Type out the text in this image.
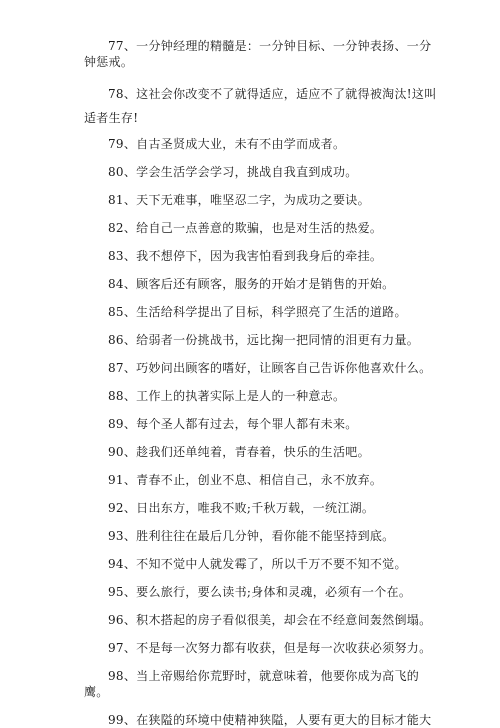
77、一分钟经理的精髓是：一分钟目标、一分钟表扬、一分钟惩戒。

78、这社会你改变不了就得适应，适应不了就得被淘汰!这叫适者生存!

79、自古圣贤成大业，未有不由学而成者。

80、学会生活学会学习，挑战自我直到成功。

81、天下无难事，唯坚忍二字，为成功之要诀。

82、给自己一点善意的欺骗，也是对生活的热爱。

83、我不想停下，因为我害怕看到我身后的牵挂。

84、顾客后还有顾客，服务的开始才是销售的开始。

85、生活给科学提出了目标，科学照亮了生活的道路。

86、给弱者一份挑战书，远比掬一把同情的泪更有力量。

87、巧妙问出顾客的嗜好，让顾客自己告诉你他喜欢什么。

88、工作上的执著实际上是人的一种意志。

89、每个圣人都有过去，每个罪人都有未来。

90、趁我们还单纯着，青春着，快乐的生活吧。

91、青春不止，创业不息、相信自己，永不放弃。

92、日出东方，唯我不败;千秋万载，一统江湖。

93、胜利往往在最后几分钟，看你能不能坚持到底。

94、不知不觉中人就发霉了，所以千万不要不知不觉。

95、要么旅行，要么读书;身体和灵魂，必须有一个在。

96、积木搭起的房子看似很美，却会在不经意间轰然倒塌。

97、不是每一次努力都有收获，但是每一次收获必须努力。

98、当上帝赐给你荒野时，就意味着，他要你成为高飞的鹰。

99、在狭隘的环境中使精神狭隘，人要有更大的目标才能大
